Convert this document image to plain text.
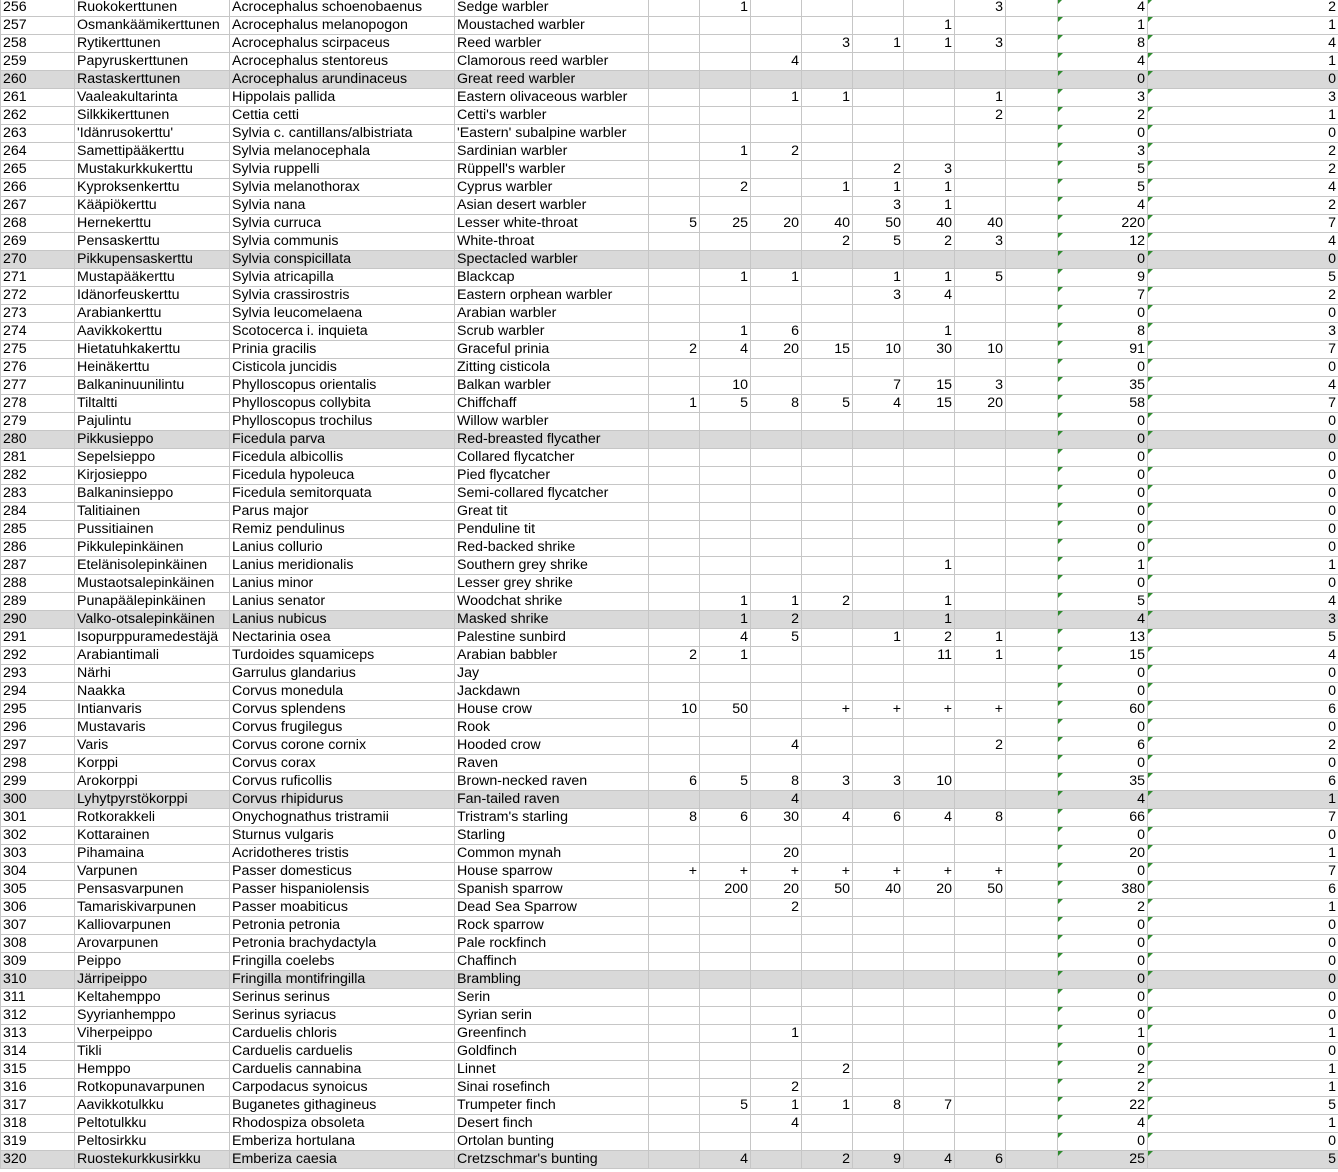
256	Ruokokerttunen	Acrocephalus schoenobaenus	Sedge warbler		1					3		4	2
257	Osmankäämikerttunen	Acrocephalus melanopogon	Moustached warbler						1			1	1
258	Rytikerttunen	Acrocephalus scirpaceus	Reed warbler				3	1	1	3		8	4
259	Papyruskerttunen	Acrocephalus stentoreus	Clamorous reed warbler			4						4	1
260	Rastaskerttunen	Acrocephalus arundinaceus	Great reed warbler									0	0
261	Vaaleakultarinta	Hippolais pallida	Eastern olivaceous warbler			1	1			1		3	3
262	Silkkikerttunen	Cettia cetti	Cetti's warbler							2		2	1
263	'Idänrusokerttu'	Sylvia c. cantillans/albistriata	'Eastern' subalpine warbler									0	0
264	Samettipääkerttu	Sylvia melanocephala	Sardinian warbler		1	2						3	2
265	Mustakurkkukerttu	Sylvia ruppelli	Rüppell's warbler					2	3			5	2
266	Kyproksenkerttu	Sylvia melanothorax	Cyprus warbler		2		1	1	1			5	4
267	Kääpiökerttu	Sylvia nana	Asian desert warbler					3	1			4	2
268	Hernekerttu	Sylvia curruca	Lesser white-throat	5	25	20	40	50	40	40		220	7
269	Pensaskerttu	Sylvia communis	White-throat				2	5	2	3		12	4
270	Pikkupensaskerttu	Sylvia conspicillata	Spectacled warbler									0	0
271	Mustapääkerttu	Sylvia atricapilla	Blackcap		1	1		1	1	5		9	5
272	Idänorfeuskerttu	Sylvia crassirostris	Eastern orphean warbler					3	4			7	2
273	Arabiankerttu	Sylvia leucomelaena	Arabian warbler									0	0
274	Aavikkokerttu	Scotocerca i. inquieta	Scrub warbler		1	6			1			8	3
275	Hietatuhkakerttu	Prinia gracilis	Graceful prinia	2	4	20	15	10	30	10		91	7
276	Heinäkerttu	Cisticola juncidis	Zitting cisticola									0	0
277	Balkaninuunilintu	Phylloscopus orientalis	Balkan warbler		10			7	15	3		35	4
278	Tiltaltti	Phylloscopus collybita	Chiffchaff	1	5	8	5	4	15	20		58	7
279	Pajulintu	Phylloscopus trochilus	Willow warbler									0	0
280	Pikkusieppo	Ficedula parva	Red-breasted flycather									0	0
281	Sepelsieppo	Ficedula albicollis	Collared flycatcher									0	0
282	Kirjosieppo	Ficedula hypoleuca	Pied flycatcher									0	0
283	Balkaninsieppo	Ficedula semitorquata	Semi-collared flycatcher									0	0
284	Talitiainen	Parus major	Great tit									0	0
285	Pussitiainen	Remiz pendulinus	Penduline tit									0	0
286	Pikkulepinkäinen	Lanius collurio	Red-backed shrike									0	0
287	Etelänisolepinkäinen	Lanius meridionalis	Southern grey shrike						1			1	1
288	Mustaotsalepinkäinen	Lanius minor	Lesser grey shrike									0	0
289	Punapäälepinkäinen	Lanius senator	Woodchat shrike		1	1	2		1			5	4
290	Valko-otsalepinkäinen	Lanius nubicus	Masked shrike		1	2			1			4	3
291	Isopurppuramedestäjä	Nectarinia osea	Palestine sunbird		4	5		1	2	1		13	5
292	Arabiantimali	Turdoides squamiceps	Arabian babbler	2	1				11	1		15	4
293	Närhi	Garrulus glandarius	Jay									0	0
294	Naakka	Corvus monedula	Jackdawn									0	0
295	Intianvaris	Corvus splendens	House crow	10	50		+	+	+	+		60	6
296	Mustavaris	Corvus frugilegus	Rook									0	0
297	Varis	Corvus corone cornix	Hooded crow			4				2		6	2
298	Korppi	Corvus corax	Raven									0	0
299	Arokorppi	Corvus ruficollis	Brown-necked raven	6	5	8	3	3	10			35	6
300	Lyhytpyrstökorppi	Corvus rhipidurus	Fan-tailed raven			4						4	1
301	Rotkorakkeli	Onychognathus tristramii	Tristram's starling	8	6	30	4	6	4	8		66	7
302	Kottarainen	Sturnus vulgaris	Starling									0	0
303	Pihamaina	Acridotheres tristis	Common mynah			20						20	1
304	Varpunen	Passer domesticus	House sparrow	+	+	+	+	+	+	+		0	7
305	Pensasvarpunen	Passer hispaniolensis	Spanish sparrow		200	20	50	40	20	50		380	6
306	Tamariskivarpunen	Passer moabiticus	Dead Sea Sparrow			2						2	1
307	Kalliovarpunen	Petronia petronia	Rock sparrow									0	0
308	Arovarpunen	Petronia brachydactyla	Pale rockfinch									0	0
309	Peippo	Fringilla coelebs	Chaffinch									0	0
310	Järripeippo	Fringilla montifringilla	Brambling									0	0
311	Keltahemppo	Serinus serinus	Serin									0	0
312	Syyrianhemppo	Serinus syriacus	Syrian serin									0	0
313	Viherpeippo	Carduelis chloris	Greenfinch			1						1	1
314	Tikli	Carduelis carduelis	Goldfinch									0	0
315	Hemppo	Carduelis cannabina	Linnet				2					2	1
316	Rotkopunavarpunen	Carpodacus synoicus	Sinai rosefinch			2						2	1
317	Aavikkotulkku	Buganetes githagineus	Trumpeter finch		5	1	1	8	7			22	5
318	Peltotulkku	Rhodospiza obsoleta	Desert finch			4						4	1
319	Peltosirkku	Emberiza hortulana	Ortolan bunting									0	0
320	Ruostekurkkusirkku	Emberiza caesia	Cretzschmar's bunting		4		2	9	4	6		25	5
